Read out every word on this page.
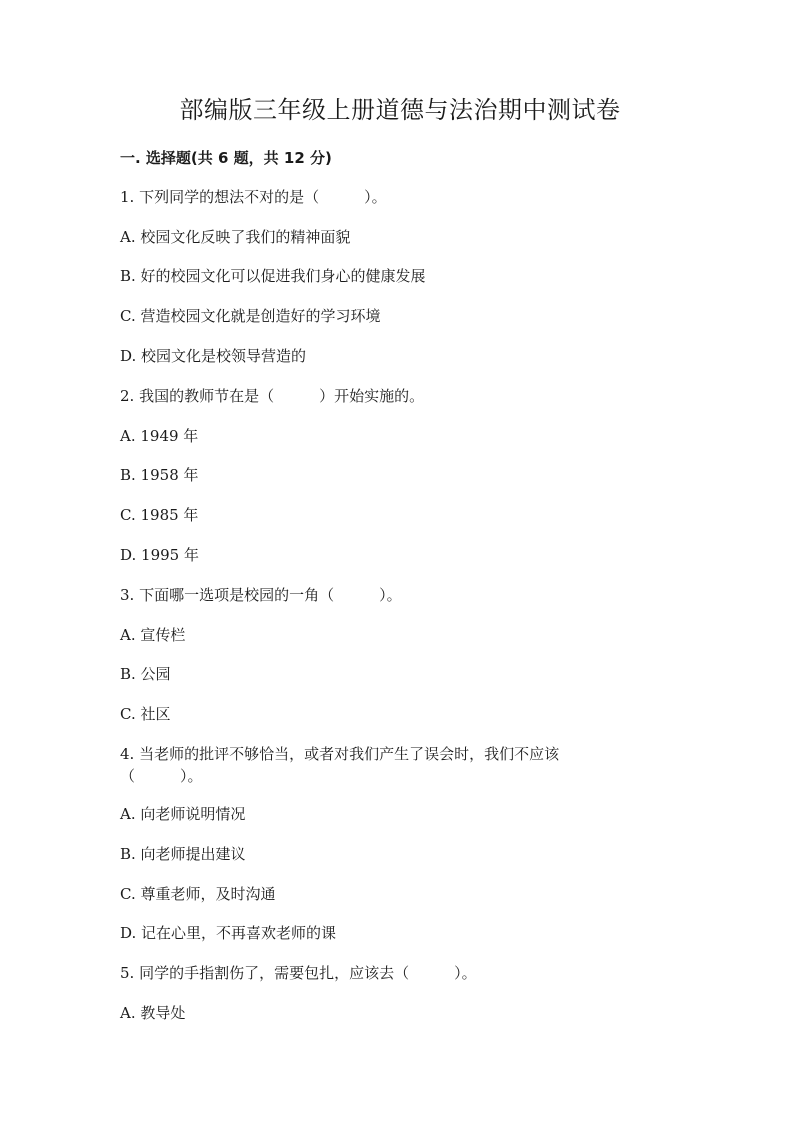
部编版三年级上册道德与法治期中测试卷
一. 选择题(共 6 题，共 12 分)
1. 下列同学的想法不对的是（　　　）。
A. 校园文化反映了我们的精神面貌
B. 好的校园文化可以促进我们身心的健康发展
C. 营造校园文化就是创造好的学习环境
D. 校园文化是校领导营造的
2. 我国的教师节在是（　　　）开始实施的。
A. 1949 年
B. 1958 年
C. 1985 年
D. 1995 年
3. 下面哪一选项是校园的一角（　　　）。
A. 宣传栏
B. 公园
C. 社区
4. 当老师的批评不够恰当，或者对我们产生了误会时，我们不应该（　　　）。
A. 向老师说明情况
B. 向老师提出建议
C. 尊重老师，及时沟通
D. 记在心里，不再喜欢老师的课
5. 同学的手指割伤了，需要包扎，应该去（　　　）。
A. 教导处
